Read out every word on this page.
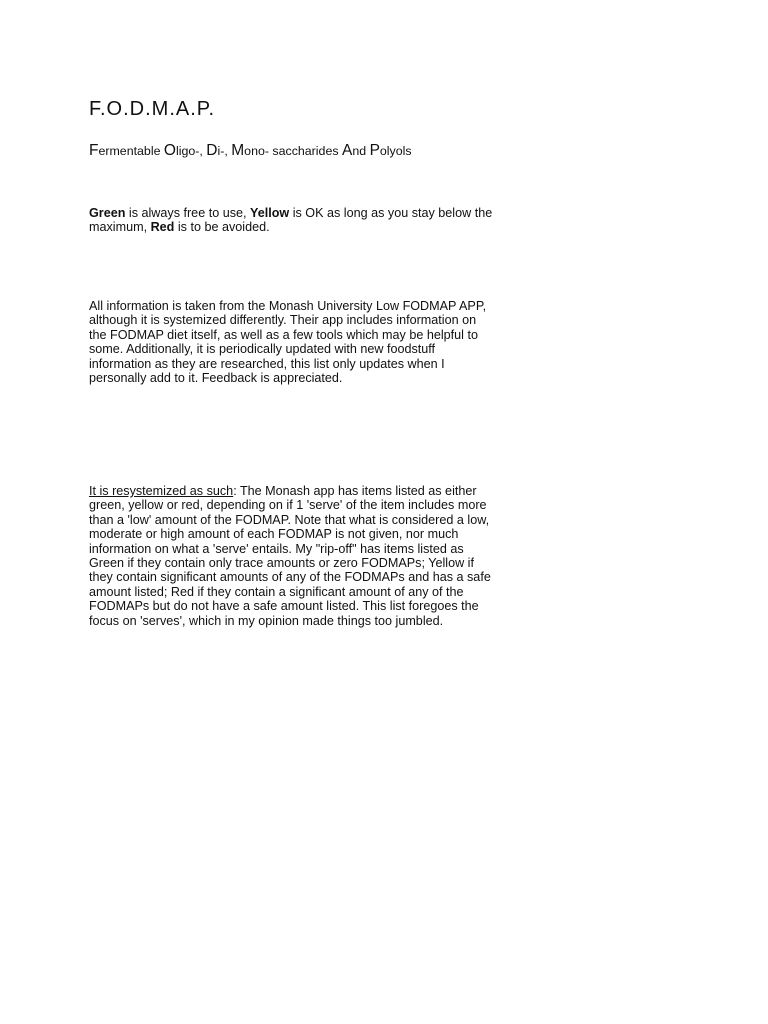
F.O.D.M.A.P.

Fermentable Oligo-, Di-, Mono- saccharides And Polyols

Green is always free to use, Yellow is OK as long as you stay below the
maximum, Red is to be avoided.

All information is taken from the Monash University Low FODMAP APP,
although it is systemized differently. Their app includes information on
the FODMAP diet itself, as well as a few tools which may be helpful to
some. Additionally, it is periodically updated with new foodstuff
information as they are researched, this list only updates when I
personally add to it. Feedback is appreciated.

It is resystemized as such: The Monash app has items listed as either
green, yellow or red, depending on if 1 'serve' of the item includes more
than a 'low' amount of the FODMAP. Note that what is considered a low,
moderate or high amount of each FODMAP is not given, nor much
information on what a 'serve' entails. My "rip-off" has items listed as
Green if they contain only trace amounts or zero FODMAPs; Yellow if
they contain significant amounts of any of the FODMAPs and has a safe
amount listed; Red if they contain a significant amount of any of the
FODMAPs but do not have a safe amount listed. This list foregoes the
focus on 'serves', which in my opinion made things too jumbled.
